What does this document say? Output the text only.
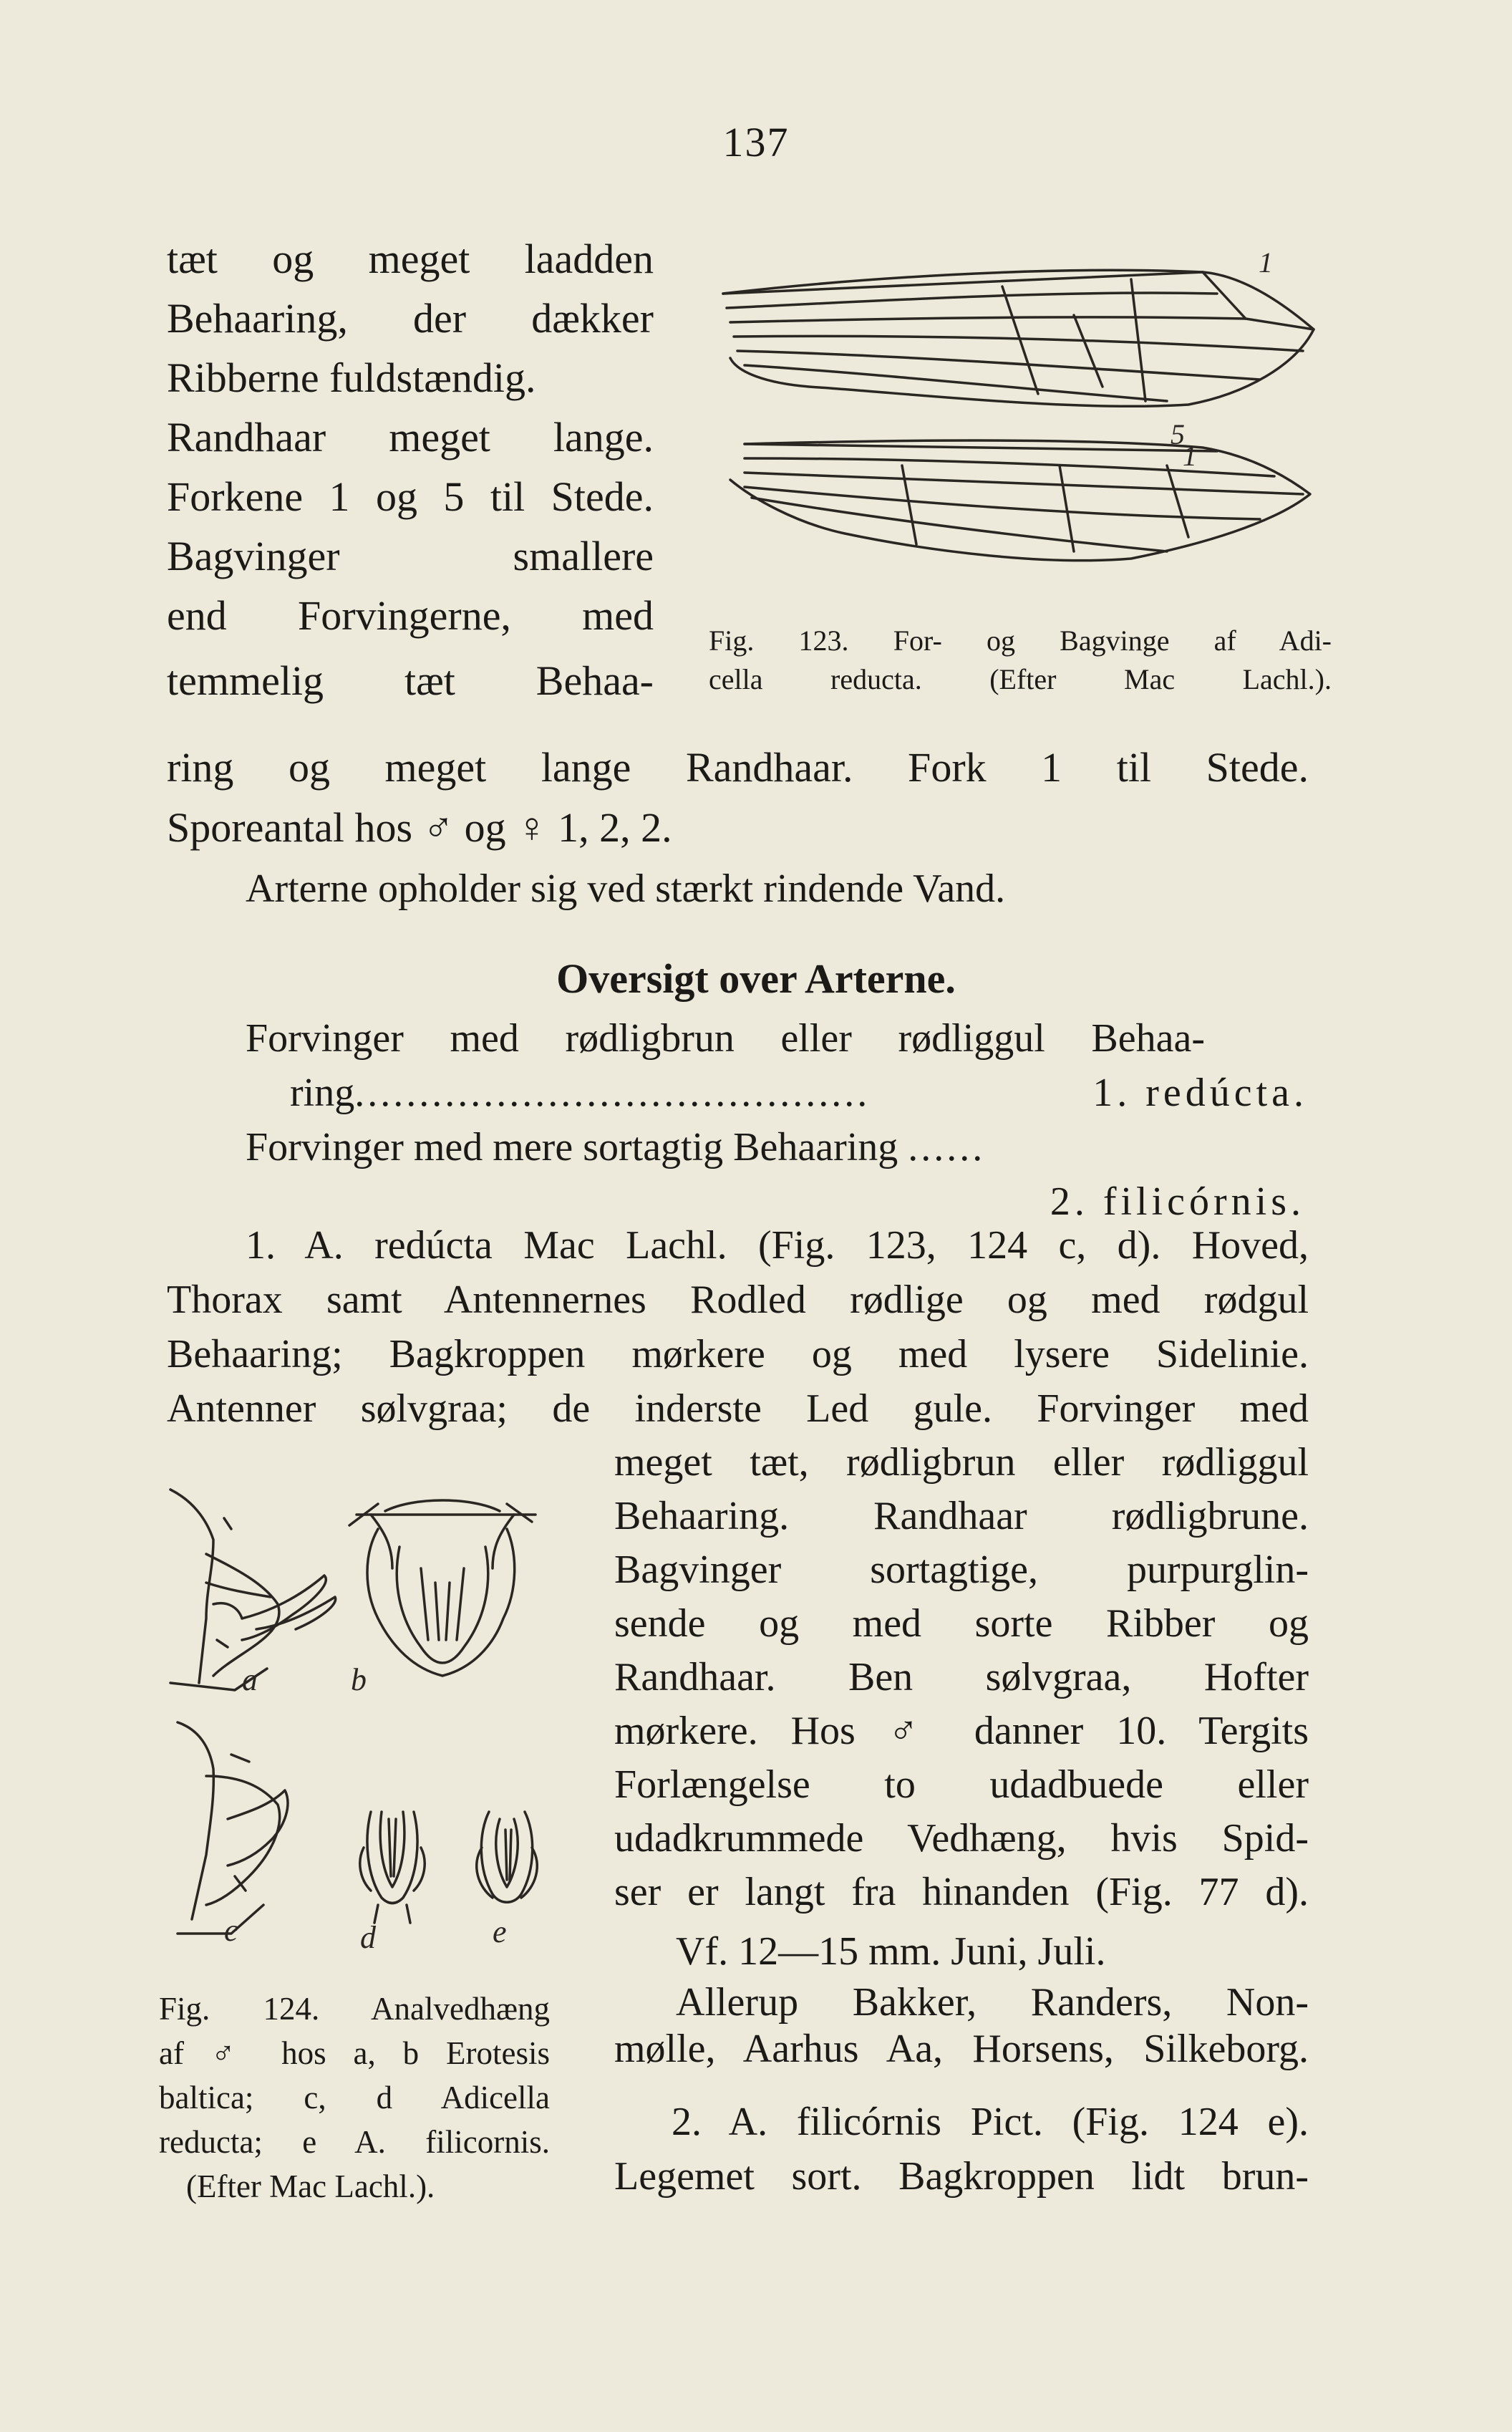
137
tæt og meget laadden
Behaaring, der dækker
Ribberne fuldstændig.
Randhaar meget lange.
Forkene 1 og 5 til Stede.
Bagvinger smallere
end Forvingerne, med
temmelig tæt Behaa-
1
5
1
Fig. 123. For- og Bagvinge af Adi-
cella reducta. (Efter Mac Lachl.).
ring og meget lange Randhaar. Fork 1 til Stede.
Sporeantal hos ♂ og ♀ 1, 2, 2.
Arterne opholder sig ved stærkt rindende Vand.
Oversigt over Arterne.
Forvinger med rødligbrun eller rødliggul Behaa-
ring ........................................	1. redúcta.
Forvinger med mere sortagtig Behaaring ......
2. filicórnis.
1. A. redúcta Mac Lachl. (Fig. 123, 124 c, d). Hoved,
Thorax samt Antennernes Rodled rødlige og med rødgul
Behaaring; Bagkroppen mørkere og med lysere Sidelinie.
Antenner sølvgraa; de inderste Led gule. Forvinger med
meget tæt, rødligbrun eller rødliggul
Behaaring. Randhaar rødligbrune.
Bagvinger sortagtige, purpurglin-
sende og med sorte Ribber og
Randhaar. Ben sølvgraa, Hofter
mørkere. Hos ♂ danner 10. Tergits
Forlængelse to udadbuede eller
udadkrummede Vedhæng, hvis Spid-
ser er langt fra hinanden (Fig. 77 d).
Vf. 12—15 mm. Juni, Juli.
Allerup Bakker, Randers, Non-
mølle, Aarhus Aa, Horsens, Silkeborg.
a	b
c	d	e
Fig. 124. Analvedhæng
af ♂ hos a, b Erotesis
baltica; c, d Adicella
reducta; e A. filicornis.
(Efter Mac Lachl.).
2. A. filicórnis Pict. (Fig. 124 e).
Legemet sort. Bagkroppen lidt brun-
